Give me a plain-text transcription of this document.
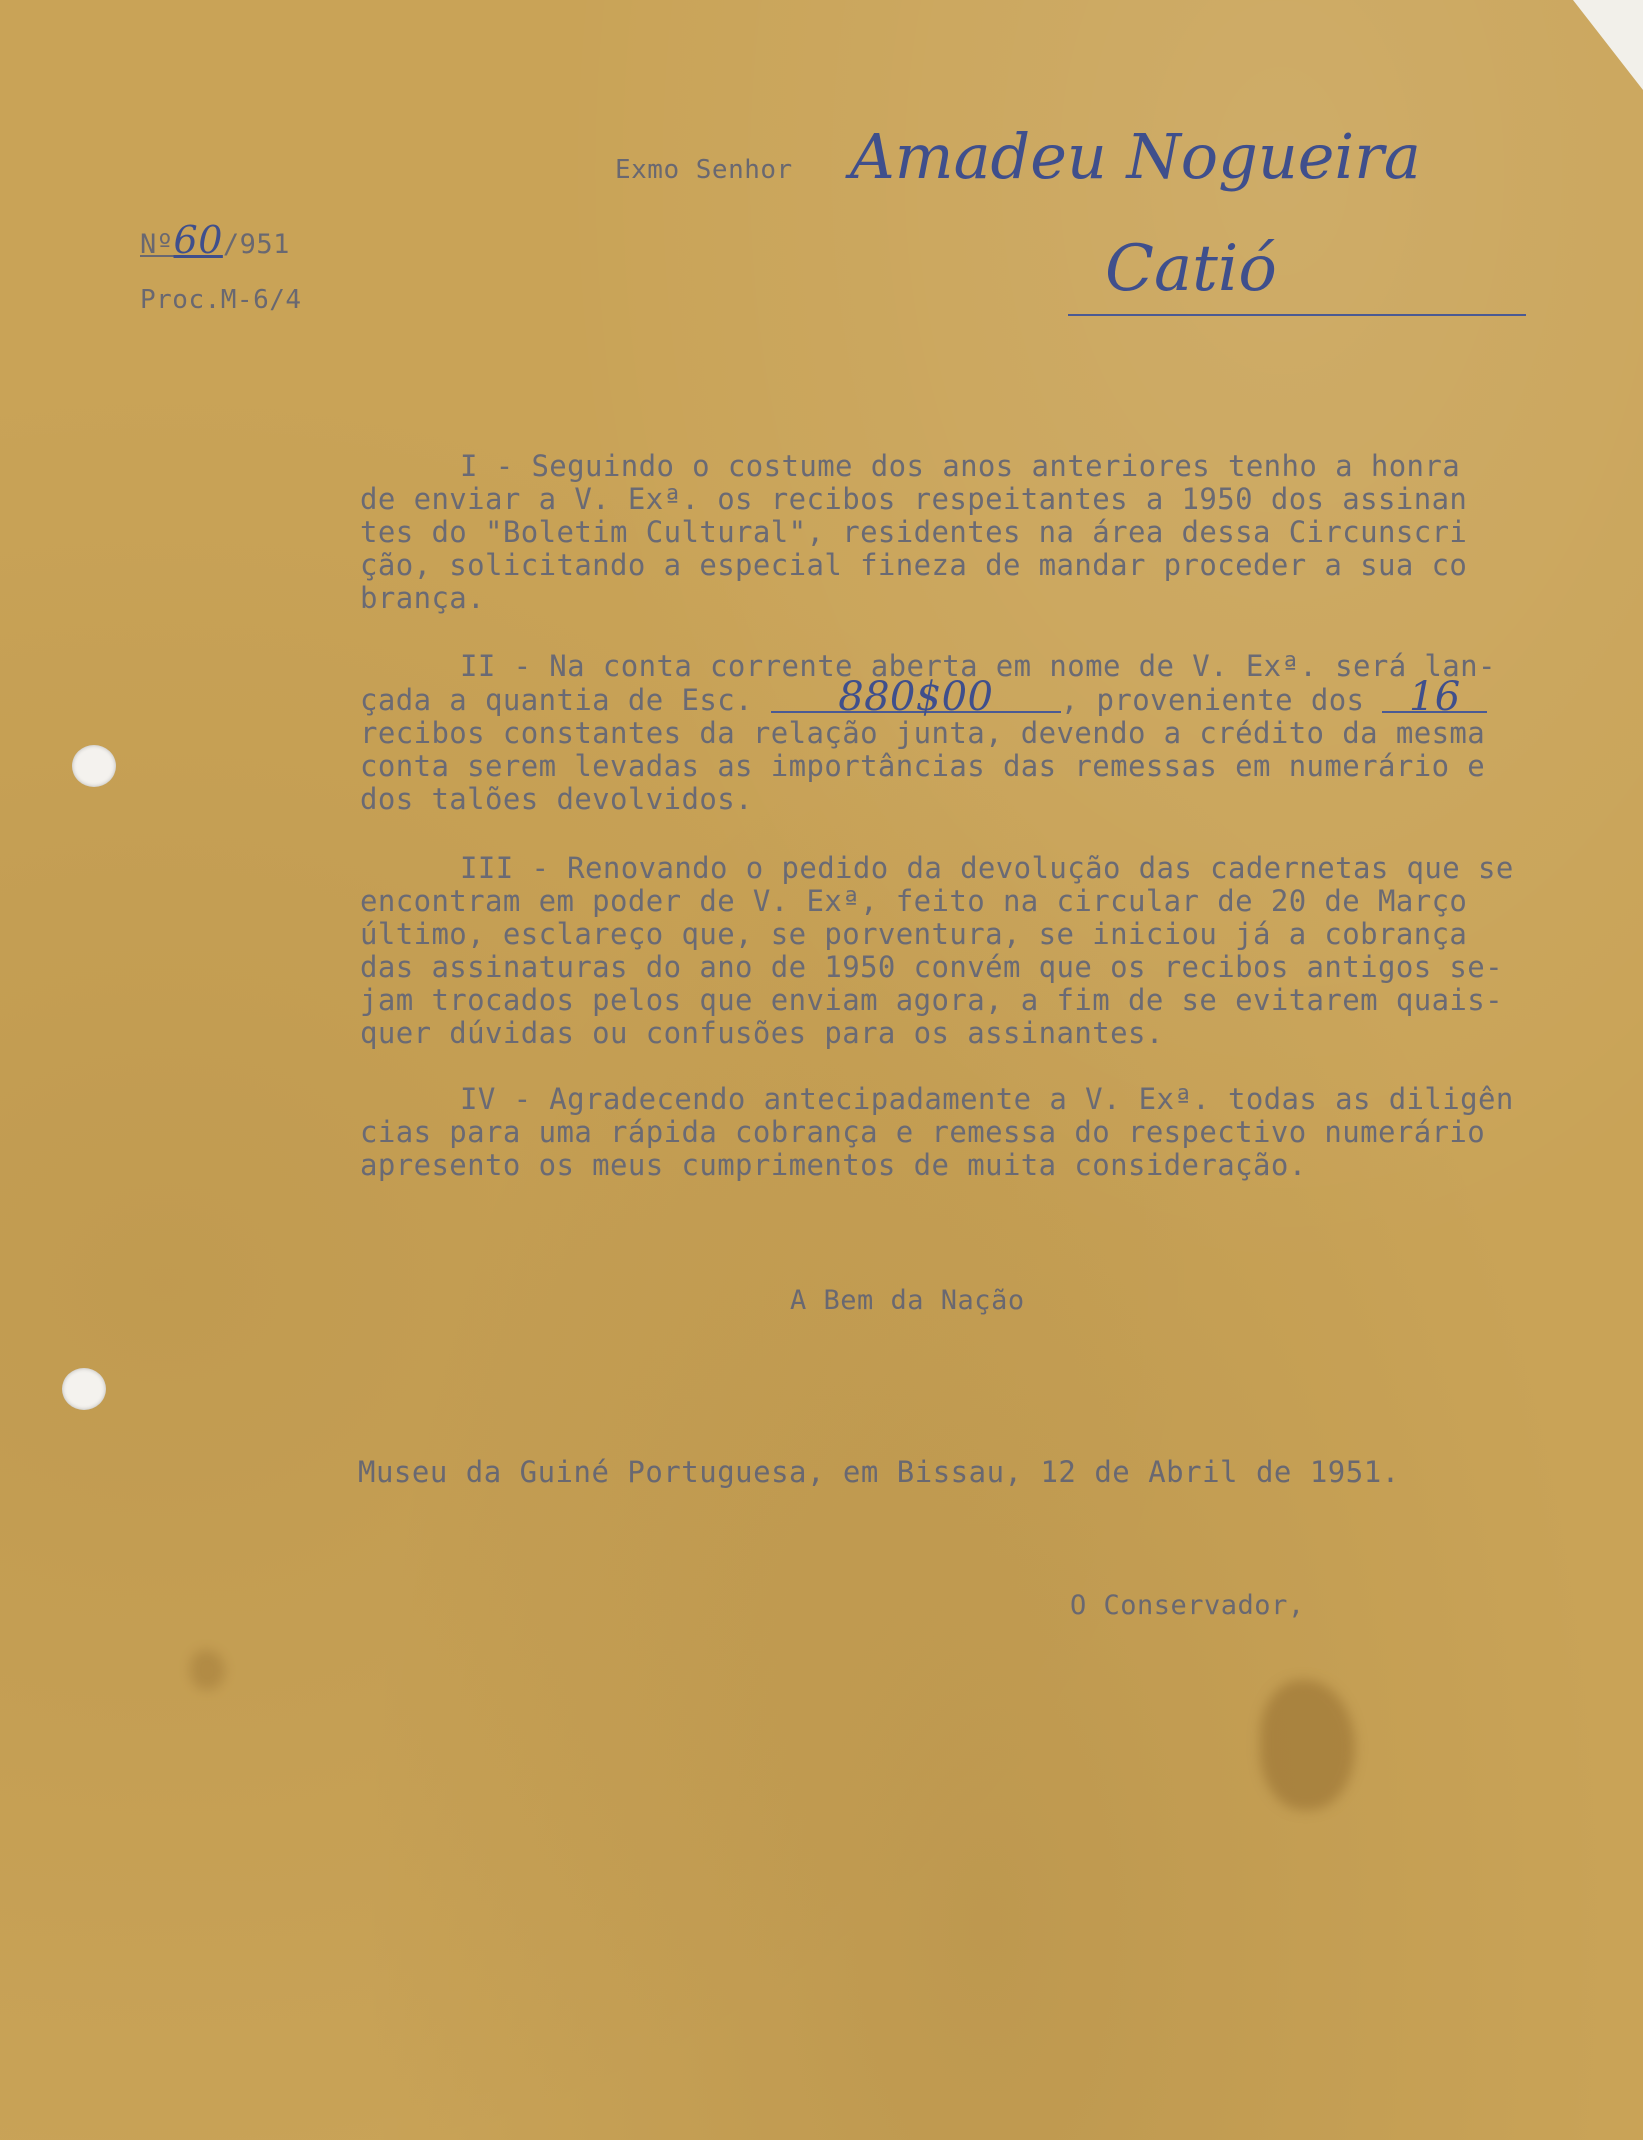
Nº60/951
Proc.M-6/4
Exmo Senhor Amadeu Nogueira
Catió
I - Seguindo o costume dos anos anteriores tenho a honra
de enviar a V. Exª. os recibos respeitantes a 1950 dos assinan
tes do "Boletim Cultural", residentes na área dessa Circunscri
ção, solicitando a especial fineza de mandar proceder a sua co
brança.
II - Na conta corrente aberta em nome de V. Exª. será lan-
çada a quantia de Esc. 880$00 , proveniente dos 16
recibos constantes da relação junta, devendo a crédito da mesma
conta serem levadas as importâncias das remessas em numerário e
dos talões devolvidos.
III - Renovando o pedido da devolução das cadernetas que se
encontram em poder de V. Exª, feito na circular de 20 de Março
último, esclareço que, se porventura, se iniciou já a cobrança
das assinaturas do ano de 1950 convém que os recibos antigos se-
jam trocados pelos que enviam agora, a fim de se evitarem quais-
quer dúvidas ou confusões para os assinantes.
IV - Agradecendo antecipadamente a V. Exª. todas as diligên
cias para uma rápida cobrança e remessa do respectivo numerário
apresento os meus cumprimentos de muita consideração.
A Bem da Nação
Museu da Guiné Portuguesa, em Bissau, 12 de Abril de 1951.
O Conservador,
